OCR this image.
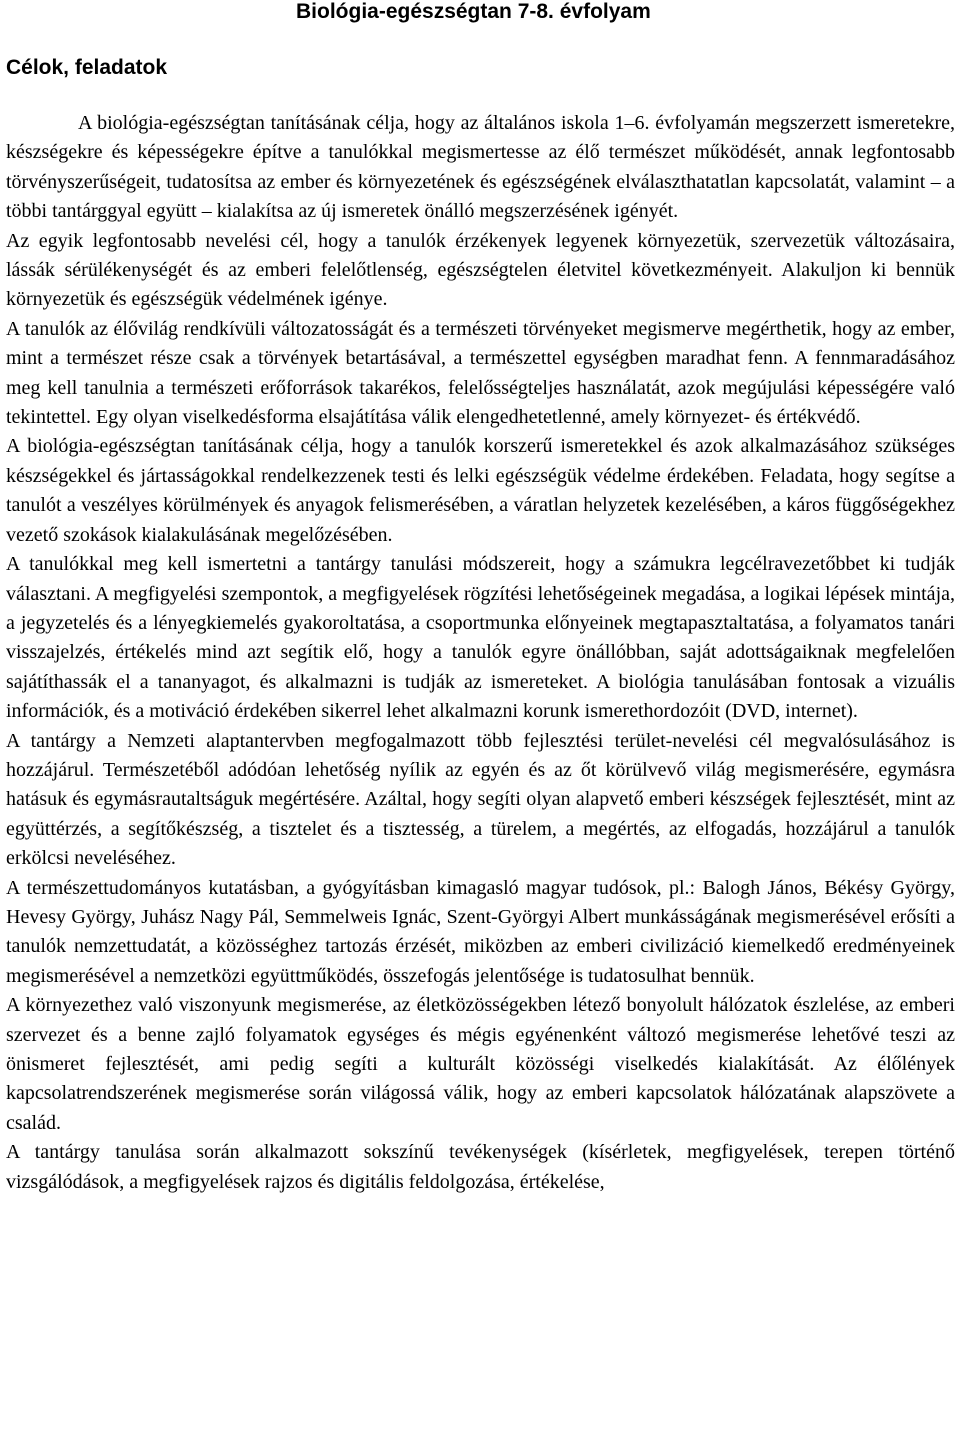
Biológia-egészségtan 7-8. évfolyam
Célok, feladatok

A biológia-egészségtan tanításának célja, hogy az általános iskola 1–6. évfolyamán megszerzett ismeretekre, készségekre és képességekre építve a tanulókkal megismertesse az élő természet működését, annak legfontosabb törvényszerűségeit, tudatosítsa az ember és környezetének és egészségének elválaszthatatlan kapcsolatát, valamint – a többi tantárggyal együtt – kialakítsa az új ismeretek önálló megszerzésének igényét.

Az egyik legfontosabb nevelési cél, hogy a tanulók érzékenyek legyenek környezetük, szervezetük változásaira, lássák sérülékenységét és az emberi felelőtlenség, egészségtelen életvitel következményeit. Alakuljon ki bennük környezetük és egészségük védelmének igénye.

A tanulók az élővilág rendkívüli változatosságát és a természeti törvényeket megismerve megérthetik, hogy az ember, mint a természet része csak a törvények betartásával, a természettel egységben maradhat fenn. A fennmaradásához meg kell tanulnia a természeti erőforrások takarékos, felelősségteljes használatát, azok megújulási képességére való tekintettel. Egy olyan viselkedésforma elsajátítása válik elengedhetetlenné, amely környezet- és értékvédő.

A biológia-egészségtan tanításának célja, hogy a tanulók korszerű ismeretekkel és azok alkalmazásához szükséges készségekkel és jártasságokkal rendelkezzenek testi és lelki egészségük védelme érdekében. Feladata, hogy segítse a tanulót a veszélyes körülmények és anyagok felismerésében, a váratlan helyzetek kezelésében, a káros függőségekhez vezető szokások kialakulásának megelőzésében.

A tanulókkal meg kell ismertetni a tantárgy tanulási módszereit, hogy a számukra legcélravezetőbbet ki tudják választani. A megfigyelési szempontok, a megfigyelések rögzítési lehetőségeinek megadása, a logikai lépések mintája, a jegyzetelés és a lényegkiemelés gyakoroltatása, a csoportmunka előnyeinek megtapasztaltatása, a folyamatos tanári visszajelzés, értékelés mind azt segítik elő, hogy a tanulók egyre önállóbban, saját adottságaiknak megfelelően sajátíthassák el a tananyagot, és alkalmazni is tudják az ismereteket. A biológia tanulásában fontosak a vizuális információk, és a motiváció érdekében sikerrel lehet alkalmazni korunk ismerethordozóit (DVD, internet).

A tantárgy a Nemzeti alaptantervben megfogalmazott több fejlesztési terület-nevelési cél megvalósulásához is hozzájárul. Természetéből adódóan lehetőség nyílik az egyén és az őt körülvevő világ megismerésére, egymásra hatásuk és egymásrautaltságuk megértésére. Azáltal, hogy segíti olyan alapvető emberi készségek fejlesztését, mint az együttérzés, a segítőkészség, a tisztelet és a tisztesség, a türelem, a megértés, az elfogadás, hozzájárul a tanulók erkölcsi neveléséhez.

A természettudományos kutatásban, a gyógyításban kimagasló magyar tudósok, pl.: Balogh János, Békésy György, Hevesy György, Juhász Nagy Pál, Semmelweis Ignác, Szent-Györgyi Albert munkásságának megismerésével erősíti a tanulók nemzettudatát, a közösséghez tartozás érzését, miközben az emberi civilizáció kiemelkedő eredményeinek megismerésével a nemzetközi együttműködés, összefogás jelentősége is tudatosulhat bennük.

A környezethez való viszonyunk megismerése, az életközösségekben létező bonyolult hálózatok észlelése, az emberi szervezet és a benne zajló folyamatok egységes és mégis egyénenként változó megismerése lehetővé teszi az önismeret fejlesztését, ami pedig segíti a kulturált közösségi viselkedés kialakítását. Az élőlények kapcsolatrendszerének megismerése során világossá válik, hogy az emberi kapcsolatok hálózatának alapszövete a család.

A tantárgy tanulása során alkalmazott sokszínű tevékenységek (kísérletek, megfigyelések, terepen történő vizsgálódások, a megfigyelések rajzos és digitális feldolgozása, értékelése,
